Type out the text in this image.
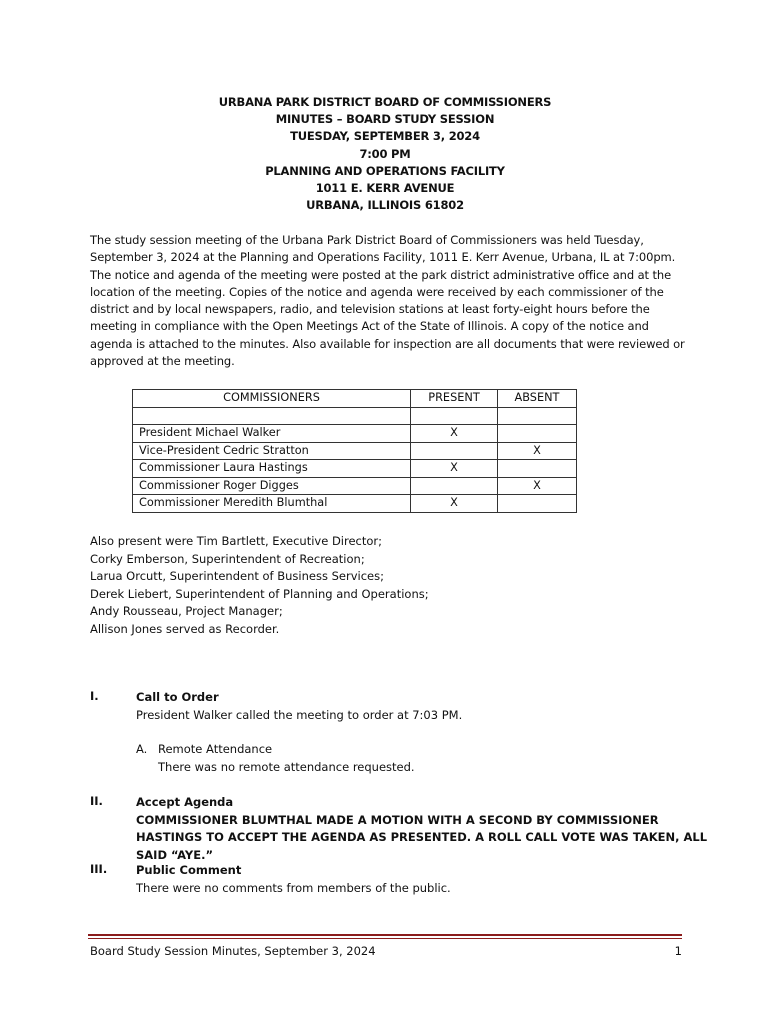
URBANA PARK DISTRICT BOARD OF COMMISSIONERS
MINUTES – BOARD STUDY SESSION
TUESDAY, SEPTEMBER 3, 2024
7:00 PM
PLANNING AND OPERATIONS FACILITY
1011 E. KERR AVENUE
URBANA, ILLINOIS 61802
The study session meeting of the Urbana Park District Board of Commissioners was held Tuesday, September 3, 2024 at the Planning and Operations Facility, 1011 E. Kerr Avenue, Urbana, IL at 7:00pm. The notice and agenda of the meeting were posted at the park district administrative office and at the location of the meeting. Copies of the notice and agenda were received by each commissioner of the district and by local newspapers, radio, and television stations at least forty-eight hours before the meeting in compliance with the Open Meetings Act of the State of Illinois. A copy of the notice and agenda is attached to the minutes. Also available for inspection are all documents that were reviewed or approved at the meeting.
COMMISSIONERS	PRESENT	ABSENT

President Michael Walker	X	
Vice-President Cedric Stratton		X
Commissioner Laura Hastings	X	
Commissioner Roger Digges		X
Commissioner Meredith Blumthal	X	
Also present were Tim Bartlett, Executive Director;
Corky Emberson, Superintendent of Recreation;
Larua Orcutt, Superintendent of Business Services;
Derek Liebert, Superintendent of Planning and Operations;
Andy Rousseau, Project Manager;
Allison Jones served as Recorder.
I.	Call to Order
President Walker called the meeting to order at 7:03 PM.
A. Remote Attendance
There was no remote attendance requested.
II.	Accept Agenda
COMMISSIONER BLUMTHAL MADE A MOTION WITH A SECOND BY COMMISSIONER HASTINGS TO ACCEPT THE AGENDA AS PRESENTED. A ROLL CALL VOTE WAS TAKEN, ALL SAID “AYE.”
III.	Public Comment
There were no comments from members of the public.
Board Study Session Minutes, September 3, 2024	1
